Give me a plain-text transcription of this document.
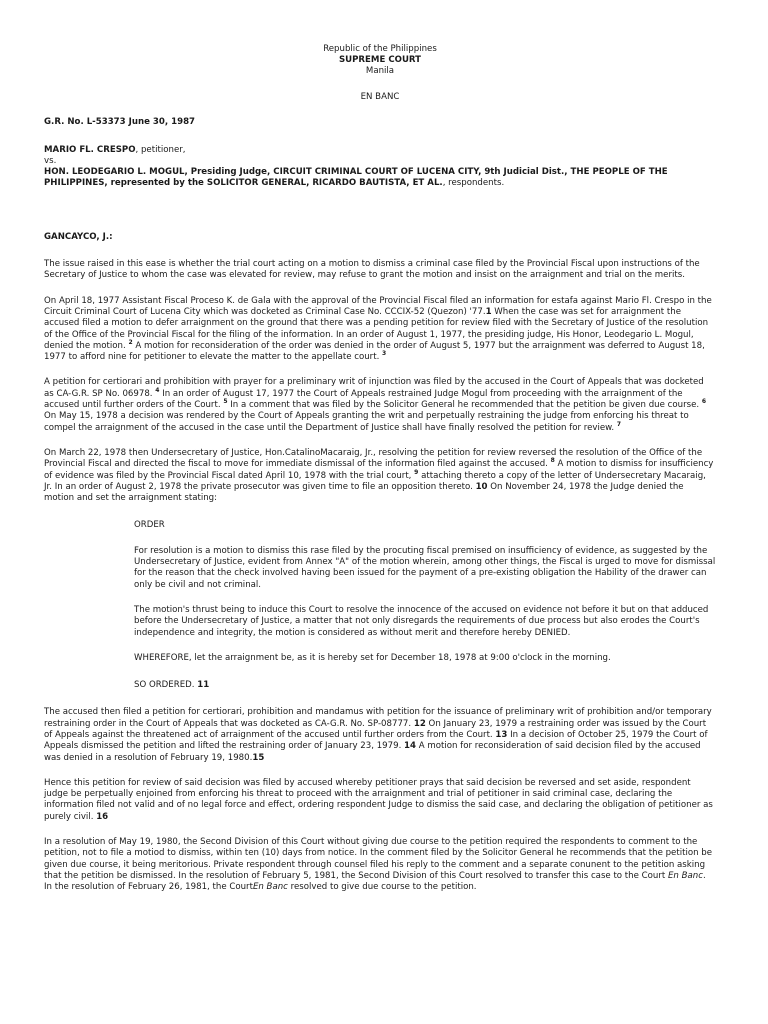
Republic of the Philippines
SUPREME COURT
Manila
EN BANC
G.R. No. L-53373 June 30, 1987
MARIO FL. CRESPO, petitioner,
vs.
HON. LEODEGARIO L. MOGUL, Presiding Judge, CIRCUIT CRIMINAL COURT OF LUCENA CITY, 9th Judicial Dist., THE PEOPLE OF THE PHILIPPINES, represented by the SOLICITOR GENERAL, RICARDO BAUTISTA, ET AL., respondents.
GANCAYCO, J.:

The issue raised in this ease is whether the trial court acting on a motion to dismiss a criminal case filed by the Provincial Fiscal upon instructions of the Secretary of Justice to whom the case was elevated for review, may refuse to grant the motion and insist on the arraignment and trial on the merits.

On April 18, 1977 Assistant Fiscal Proceso K. de Gala with the approval of the Provincial Fiscal filed an information for estafa against Mario Fl. Crespo in the Circuit Criminal Court of Lucena City which was docketed as Criminal Case No. CCCIX-52 (Quezon) '77.1 When the case was set for arraignment the accused filed a motion to defer arraignment on the ground that there was a pending petition for review filed with the Secretary of Justice of the resolution of the Office of the Provincial Fiscal for the filing of the information. In an order of August 1, 1977, the presiding judge, His Honor, Leodegario L. Mogul, denied the motion. $^2$ A motion for reconsideration of the order was denied in the order of August 5, 1977 but the arraignment was deferred to August 18, 1977 to afford nine for petitioner to elevate the matter to the appellate court. $^3$

A petition for certiorari and prohibition with prayer for a preliminary writ of injunction was filed by the accused in the Court of Appeals that was docketed as CA-G.R. SP No. 06978. $^4$ In an order of August 17, 1977 the Court of Appeals restrained Judge Mogul from proceeding with the arraignment of the accused until further orders of the Court. $^5$ In a comment that was filed by the Solicitor General he recommended that the petition be given due course. $^6$ On May 15, 1978 a decision was rendered by the Court of Appeals granting the writ and perpetually restraining the judge from enforcing his threat to compel the arraignment of the accused in the case until the Department of Justice shall have finally resolved the petition for review. $^7$

On March 22, 1978 then Undersecretary of Justice, Hon.CatalinoMacaraig, Jr., resolving the petition for review reversed the resolution of the Office of the Provincial Fiscal and directed the fiscal to move for immediate dismissal of the information filed against the accused. $^8$ A motion to dismiss for insufficiency of evidence was filed by the Provincial Fiscal dated April 10, 1978 with the trial court, $^9$ attaching thereto a copy of the letter of Undersecretary Macaraig, Jr. In an order of August 2, 1978 the private prosecutor was given time to file an opposition thereto. 10 On November 24, 1978 the Judge denied the motion and set the arraignment stating:

ORDER

For resolution is a motion to dismiss this rase filed by the procuting fiscal premised on insufficiency of evidence, as suggested by the Undersecretary of Justice, evident from Annex "A" of the motion wherein, among other things, the Fiscal is urged to move for dismissal for the reason that the check involved having been issued for the payment of a pre-existing obligation the Hability of the drawer can only be civil and not criminal.

The motion's thrust being to induce this Court to resolve the innocence of the accused on evidence not before it but on that adduced before the Undersecretary of Justice, a matter that not only disregards the requirements of due process but also erodes the Court's independence and integrity, the motion is considered as without merit and therefore hereby DENIED.

WHEREFORE, let the arraignment be, as it is hereby set for December 18, 1978 at 9:00 o'clock in the morning.

SO ORDERED. 11

The accused then filed a petition for certiorari, prohibition and mandamus with petition for the issuance of preliminary writ of prohibition and/or temporary restraining order in the Court of Appeals that was docketed as CA-G.R. No. SP-08777. 12 On January 23, 1979 a restraining order was issued by the Court of Appeals against the threatened act of arraignment of the accused until further orders from the Court. 13 In a decision of October 25, 1979 the Court of Appeals dismissed the petition and lifted the restraining order of January 23, 1979. 14 A motion for reconsideration of said decision filed by the accused was denied in a resolution of February 19, 1980.15

Hence this petition for review of said decision was filed by accused whereby petitioner prays that said decision be reversed and set aside, respondent judge be perpetually enjoined from enforcing his threat to proceed with the arraignment and trial of petitioner in said criminal case, declaring the information filed not valid and of no legal force and effect, ordering respondent Judge to dismiss the said case, and declaring the obligation of petitioner as purely civil. 16

In a resolution of May 19, 1980, the Second Division of this Court without giving due course to the petition required the respondents to comment to the petition, not to file a motiod to dismiss, within ten (10) days from notice. In the comment filed by the Solicitor General he recommends that the petition be given due course, it being meritorious. Private respondent through counsel filed his reply to the comment and a separate conunent to the petition asking that the petition be dismissed. In the resolution of February 5, 1981, the Second Division of this Court resolved to transfer this case to the Court En Banc. In the resolution of February 26, 1981, the CourtEn Banc resolved to give due course to the petition.
